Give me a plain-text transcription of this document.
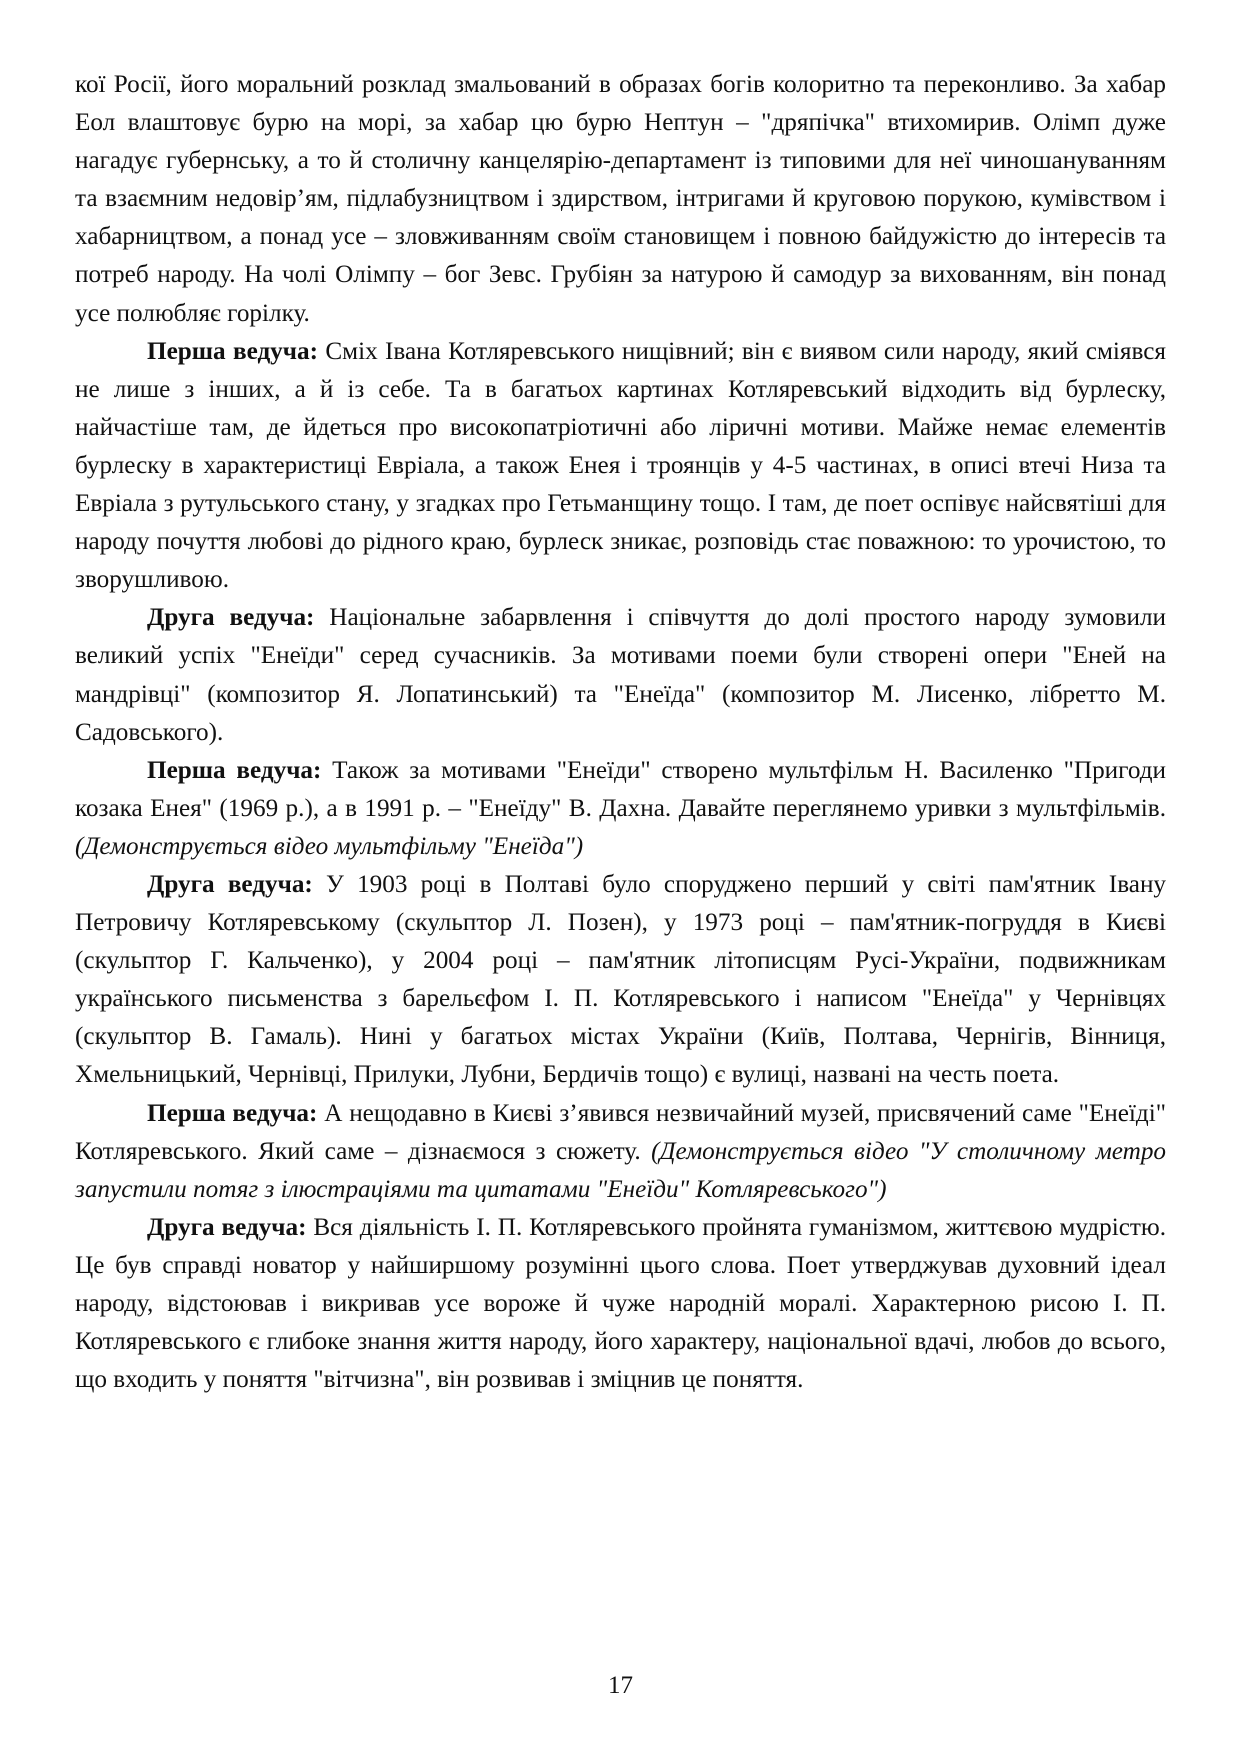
кої Росії, його моральний розклад змальований в образах богів колоритно та переконливо. За хабар Еол влаштовує бурю на морі, за хабар цю бурю Нептун – "дряпічка" втихомирив. Олімп дуже нагадує губернську, а то й столичну канцелярію-департамент із типовими для неї чиношануванням та взаємним недовір’ям, підлабузництвом і здирством, інтригами й круговою порукою, кумівством і хабарництвом, а понад усе – зловживанням своїм становищем і повною байдужістю до інтересів та потреб народу. На чолі Олімпу – бог Зевс. Грубіян за натурою й самодур за вихованням, він понад усе полюбляє горілку.

Перша ведуча: Сміх Івана Котляревського нищівний; він є виявом сили народу, який сміявся не лише з інших, а й із себе. Та в багатьох картинах Котляревський відходить від бурлеску, найчастіше там, де йдеться про високопатріотичні або ліричні мотиви. Майже немає елементів бурлеску в характеристиці Евріала, а також Енея і троянців у 4-5 частинах, в описі втечі Низа та Евріала з рутульського стану, у згадках про Гетьманщину тощо. І там, де поет оспівує найсвятіші для народу почуття любові до рідного краю, бурлеск зникає, розповідь стає поважною: то урочистою, то зворушливою.

Друга ведуча: Національне забарвлення і співчуття до долі простого народу зумовили великий успіх "Енеїди" серед сучасників. За мотивами поеми були створені опери "Еней на мандрівці" (композитор Я. Лопатинський) та "Енеїда" (композитор М. Лисенко, лібретто М. Садовського).

Перша ведуча: Також за мотивами "Енеїди" створено мультфільм Н. Василенко "Пригоди козака Енея" (1969 р.), а в 1991 р. – "Енеїду" В. Дахна. Давайте переглянемо уривки з мультфільмів. (Демонструється відео мультфільму "Енеїда")

Друга ведуча: У 1903 році в Полтаві було споруджено перший у світі пам'ятник Івану Петровичу Котляревському (скульптор Л. Позен), у 1973 році – пам'ятник-погруддя в Києві (скульптор Г. Кальченко), у 2004 році – пам'ятник літописцям Русі-України, подвижникам українського письменства з барельєфом І. П. Котляревського і написом "Енеїда" у Чернівцях (скульптор В. Гамаль). Нині у багатьох містах України (Київ, Полтава, Чернігів, Вінниця, Хмельницький, Чернівці, Прилуки, Лубни, Бердичів тощо) є вулиці, названі на честь поета.

Перша ведуча: А нещодавно в Києві з’явився незвичайний музей, присвячений саме "Енеїді" Котляревського. Який саме – дізнаємося з сюжету. (Демонструється відео "У столичному метро запустили потяг з ілюстраціями та цитатами "Енеїди" Котляревського")

Друга ведуча: Вся діяльність І. П. Котляревського пройнята гуманізмом, життєвою мудрістю. Це був справді новатор у найширшому розумінні цього слова. Поет утверджував духовний ідеал народу, відстоював і викривав усе вороже й чуже народній моралі. Характерною рисою І. П. Котляревського є глибоке знання життя народу, його характеру, національної вдачі, любов до всього, що входить у поняття "вітчизна", він розвивав і зміцнив це поняття.

17
